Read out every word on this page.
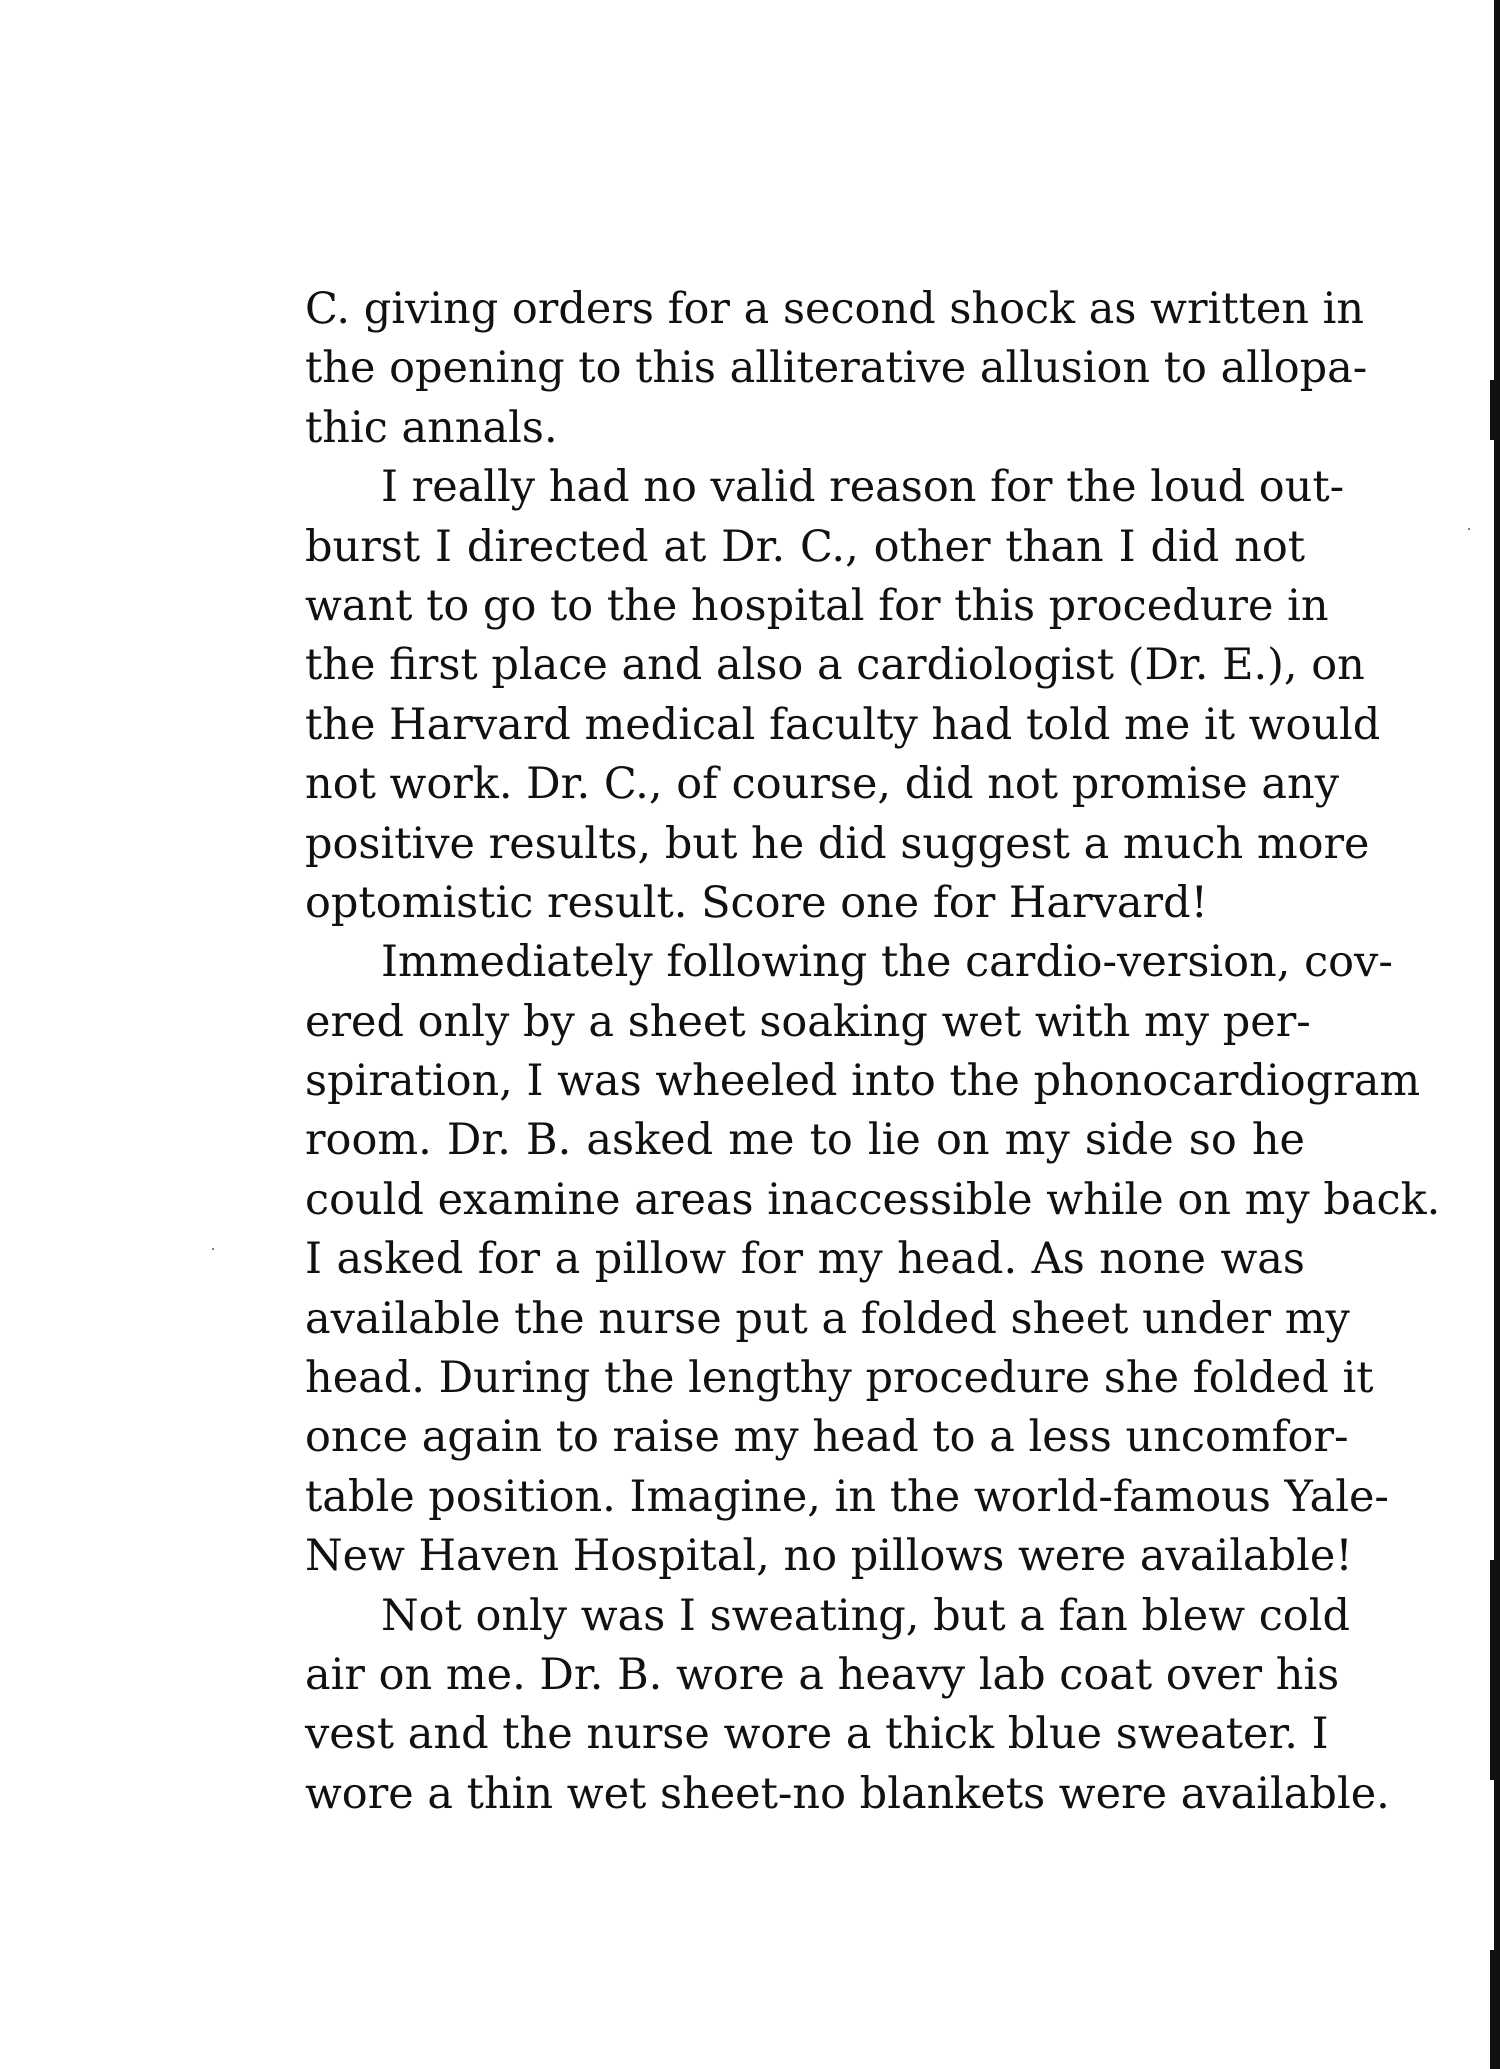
C. giving orders for a second shock as written in
the opening to this alliterative allusion to allopa-
thic annals.
I really had no valid reason for the loud out-
burst I directed at Dr. C., other than I did not
want to go to the hospital for this procedure in
the first place and also a cardiologist (Dr. E.), on
the Harvard medical faculty had told me it would
not work. Dr. C., of course, did not promise any
positive results, but he did suggest a much more
optomistic result. Score one for Harvard!
Immediately following the cardio-version, cov-
ered only by a sheet soaking wet with my per-
spiration, I was wheeled into the phonocardiogram
room. Dr. B. asked me to lie on my side so he
could examine areas inaccessible while on my back.
I asked for a pillow for my head. As none was
available the nurse put a folded sheet under my
head. During the lengthy procedure she folded it
once again to raise my head to a less uncomfor-
table position. Imagine, in the world-famous Yale-
New Haven Hospital, no pillows were available!
Not only was I sweating, but a fan blew cold
air on me. Dr. B. wore a heavy lab coat over his
vest and the nurse wore a thick blue sweater. I
wore a thin wet sheet-no blankets were available.
